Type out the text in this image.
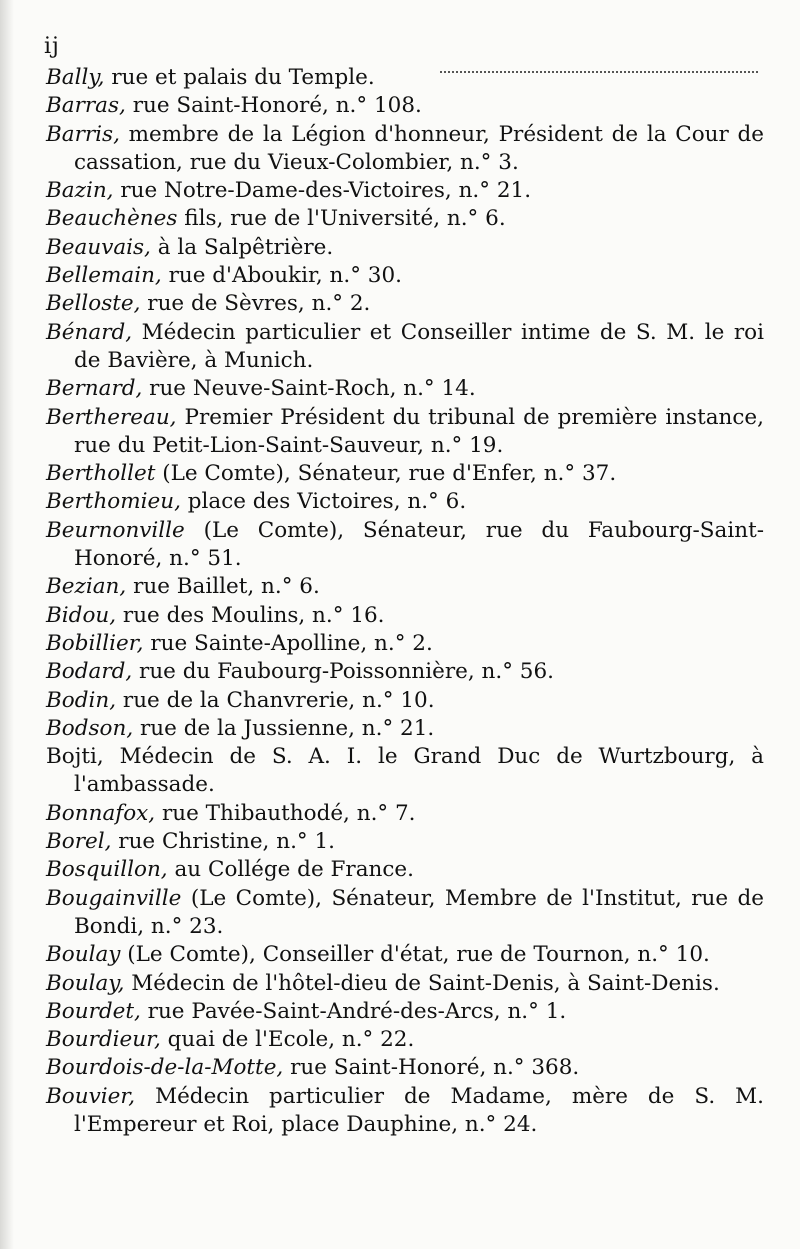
ij
Bally, rue et palais du Temple.
Barras, rue Saint-Honoré, n.° 108.
Barris, membre de la Légion d'honneur, Président de la Cour de cassation, rue du Vieux-Colombier, n.° 3.
Bazin, rue Notre-Dame-des-Victoires, n.° 21.
Beauchènes fils, rue de l'Université, n.° 6.
Beauvais, à la Salpêtrière.
Bellemain, rue d'Aboukir, n.° 30.
Belloste, rue de Sèvres, n.° 2.
Bénard, Médecin particulier et Conseiller intime de S. M. le roi de Bavière, à Munich.
Bernard, rue Neuve-Saint-Roch, n.° 14.
Berthereau, Premier Président du tribunal de première instance, rue du Petit-Lion-Saint-Sauveur, n.° 19.
Berthollet (Le Comte), Sénateur, rue d'Enfer, n.° 37.
Berthomieu, place des Victoires, n.° 6.
Beurnonville (Le Comte), Sénateur, rue du Faubourg-Saint-Honoré, n.° 51.
Bezian, rue Baillet, n.° 6.
Bidou, rue des Moulins, n.° 16.
Bobillier, rue Sainte-Apolline, n.° 2.
Bodard, rue du Faubourg-Poissonnière, n.° 56.
Bodin, rue de la Chanvrerie, n.° 10.
Bodson, rue de la Jussienne, n.° 21.
Bojti, Médecin de S. A. I. le Grand Duc de Wurtzbourg, à l'ambassade.
Bonnafox, rue Thibauthodé, n.° 7.
Borel, rue Christine, n.° 1.
Bosquillon, au Collége de France.
Bougainville (Le Comte), Sénateur, Membre de l'Institut, rue de Bondi, n.° 23.
Boulay (Le Comte), Conseiller d'état, rue de Tournon, n.° 10.
Boulay, Médecin de l'hôtel-dieu de Saint-Denis, à Saint-Denis.
Bourdet, rue Pavée-Saint-André-des-Arcs, n.° 1.
Bourdieur, quai de l'Ecole, n.° 22.
Bourdois-de-la-Motte, rue Saint-Honoré, n.° 368.
Bouvier, Médecin particulier de Madame, mère de S. M. l'Empereur et Roi, place Dauphine, n.° 24.
